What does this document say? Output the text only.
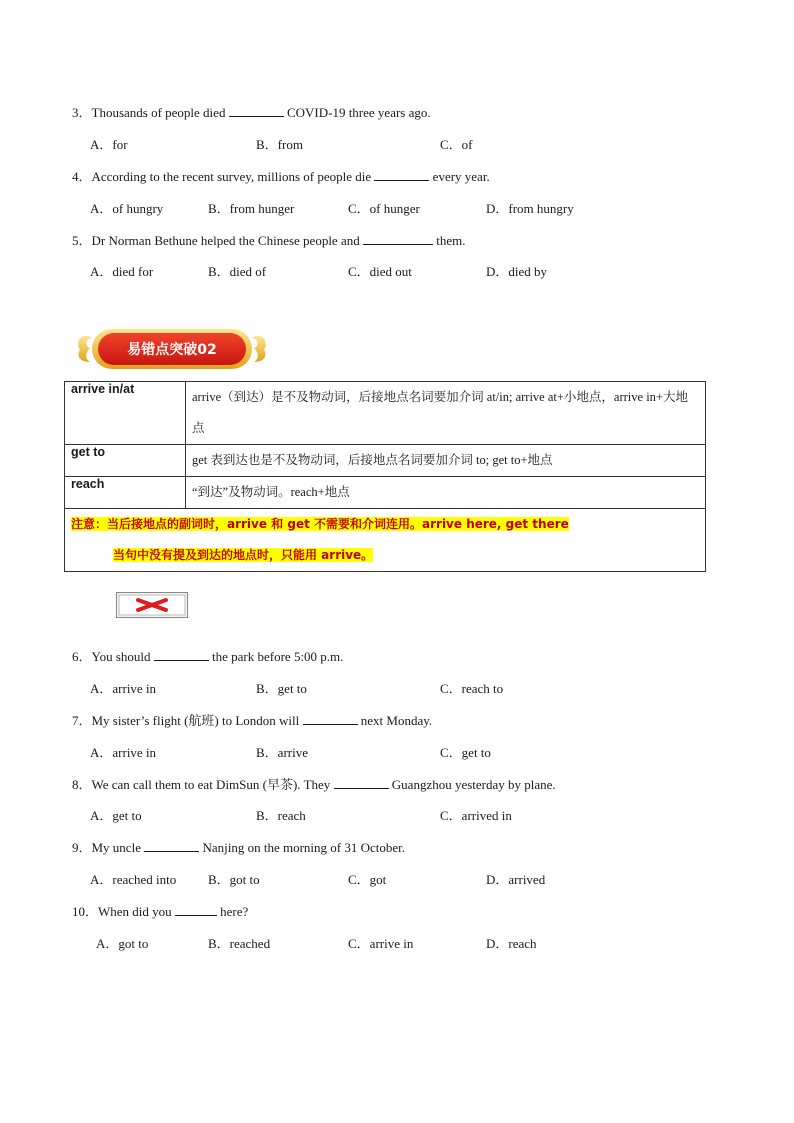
3．Thousands of people died	COVID-19 three years ago.
A．for	B．from	C．of
4．According to the recent survey, millions of people die	every year.
A．of hungry	B．from hunger	C．of hunger	D．from hungry
5．Dr Norman Bethune helped the Chinese people and	them.
A．died for	B．died of	C．died out	D．died by
易错点突破02
arrive in/at	arrive（到达）是不及物动词，后接地点名词要加介词 at/in; arrive at+小地点，arrive in+大地点
get to	get 表到达也是不及物动词，后接地点名词要加介词 to; get to+地点
reach	“到达”及物动词。reach+地点

注意：当后接地点的副词时，arrive 和 get 不需要和介词连用。arrive here, get there
当句中没有提及到达的地点时，只能用 arrive。	
6．You should	the park before 5:00 p.m.
A．arrive in	B．get to	C．reach to
7．My sister’s flight (航班) to London will	next Monday.
A．arrive in	B．arrive	C．get to
8．We can call them to eat DimSun (早茶). They	Guangzhou yesterday by plane.
A．get to	B．reach	C．arrived in
9．My uncle	Nanjing on the morning of 31 October.
A．reached into B．got to	C．got	D．arrived
10．When did you	here?
A．got to	B．reached	C．arrive in	D．reach
